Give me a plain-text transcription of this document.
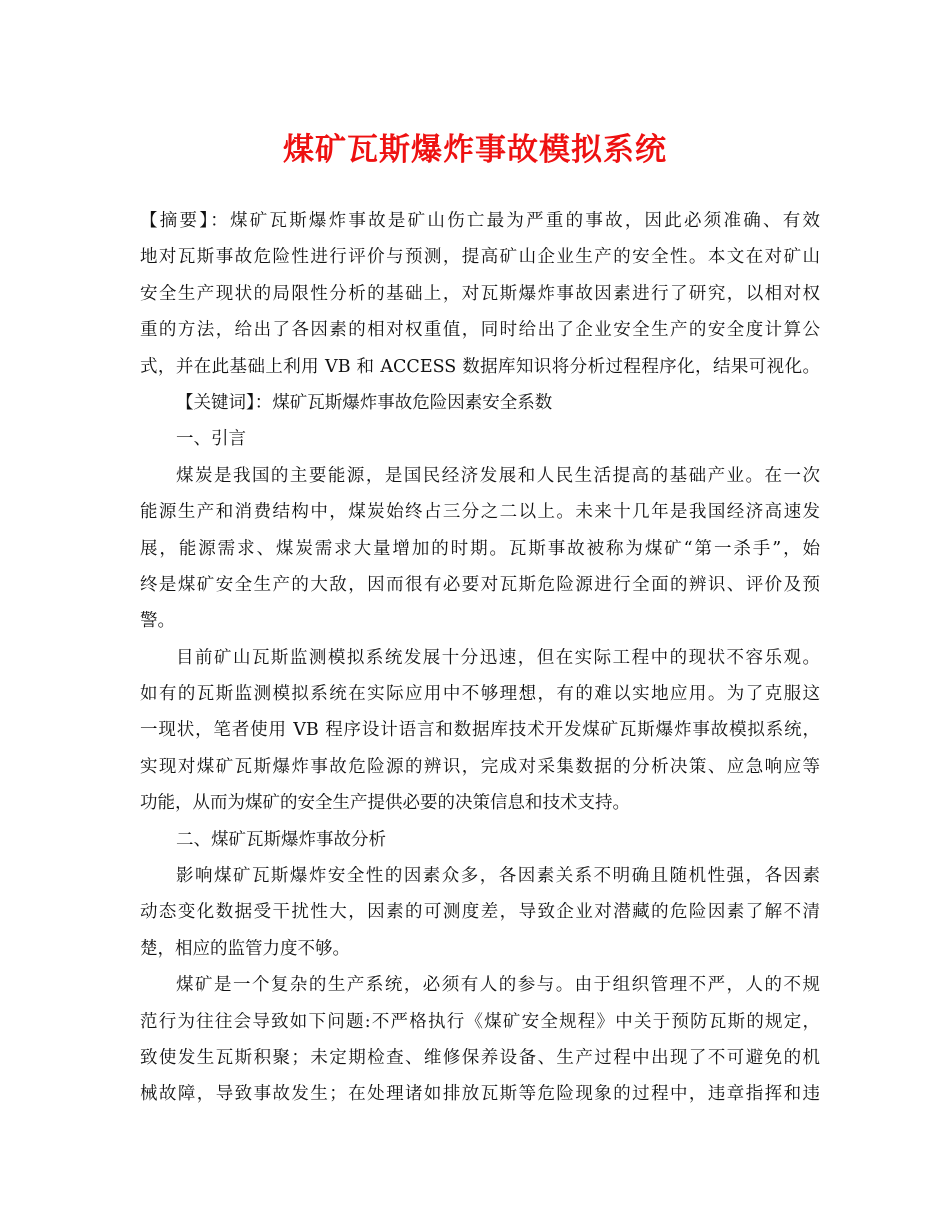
煤矿瓦斯爆炸事故模拟系统
【摘要】：煤矿瓦斯爆炸事故是矿山伤亡最为严重的事故，因此必须准确、有效
地对瓦斯事故危险性进行评价与预测，提高矿山企业生产的安全性。本文在对矿山
安全生产现状的局限性分析的基础上，对瓦斯爆炸事故因素进行了研究，以相对权
重的方法，给出了各因素的相对权重值，同时给出了企业安全生产的安全度计算公
式，并在此基础上利用 VB 和 ACCESS 数据库知识将分析过程程序化，结果可视化。
【关键词】：煤矿瓦斯爆炸事故危险因素安全系数
一、引言
煤炭是我国的主要能源，是国民经济发展和人民生活提高的基础产业。在一次
能源生产和消费结构中，煤炭始终占三分之二以上。未来十几年是我国经济高速发
展，能源需求、煤炭需求大量增加的时期。瓦斯事故被称为煤矿“第一杀手”，始
终是煤矿安全生产的大敌，因而很有必要对瓦斯危险源进行全面的辨识、评价及预
警。
目前矿山瓦斯监测模拟系统发展十分迅速，但在实际工程中的现状不容乐观。
如有的瓦斯监测模拟系统在实际应用中不够理想，有的难以实地应用。为了克服这
一现状，笔者使用 VB 程序设计语言和数据库技术开发煤矿瓦斯爆炸事故模拟系统，
实现对煤矿瓦斯爆炸事故危险源的辨识，完成对采集数据的分析决策、应急响应等
功能，从而为煤矿的安全生产提供必要的决策信息和技术支持。
二、煤矿瓦斯爆炸事故分析
影响煤矿瓦斯爆炸安全性的因素众多，各因素关系不明确且随机性强，各因素
动态变化数据受干扰性大，因素的可测度差，导致企业对潜藏的危险因素了解不清
楚，相应的监管力度不够。
煤矿是一个复杂的生产系统，必须有人的参与。由于组织管理不严，人的不规
范行为往往会导致如下问题:不严格执行《煤矿安全规程》中关于预防瓦斯的规定，
致使发生瓦斯积聚；未定期检查、维修保养设备、生产过程中出现了不可避免的机
械故障，导致事故发生；在处理诸如排放瓦斯等危险现象的过程中，违章指挥和违
